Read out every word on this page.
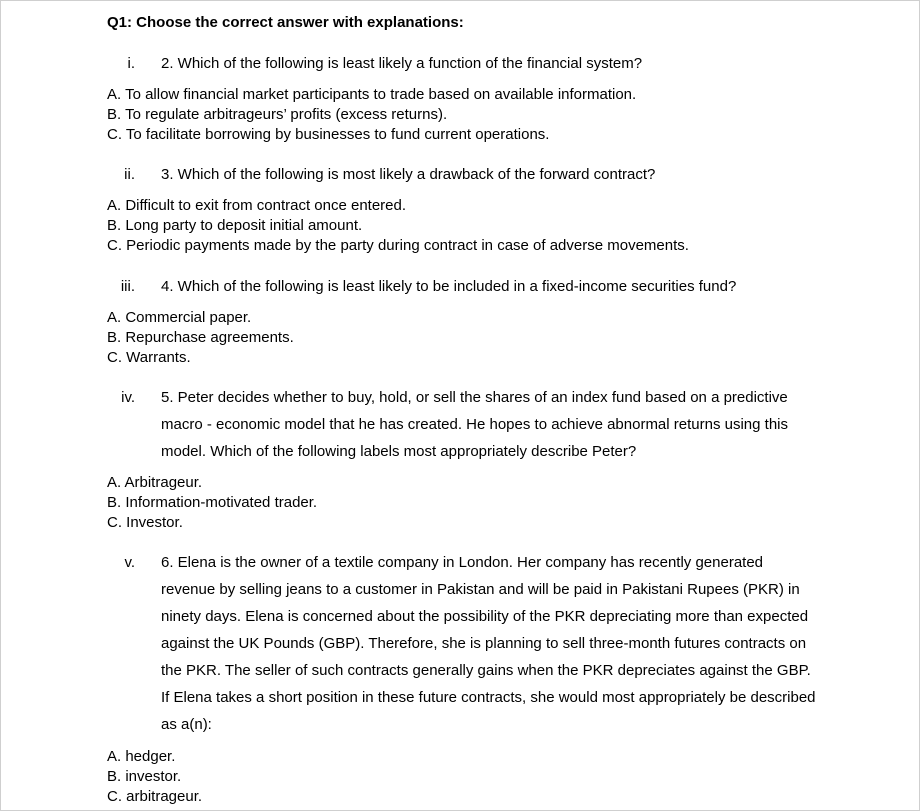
Q1: Choose the correct answer with explanations:
i. 2. Which of the following is least likely a function of the financial system?
A. To allow financial market participants to trade based on available information.
B. To regulate arbitrageurs’ profits (excess returns).
C. To facilitate borrowing by businesses to fund current operations.
ii. 3. Which of the following is most likely a drawback of the forward contract?
A. Difficult to exit from contract once entered.
B. Long party to deposit initial amount.
C. Periodic payments made by the party during contract in case of adverse movements.
iii. 4. Which of the following is least likely to be included in a fixed-income securities fund?
A. Commercial paper.
B. Repurchase agreements.
C. Warrants.
iv. 5. Peter decides whether to buy, hold, or sell the shares of an index fund based on a predictive macro - economic model that he has created. He hopes to achieve abnormal returns using this model. Which of the following labels most appropriately describe Peter?
A. Arbitrageur.
B. Information-motivated trader.
C. Investor.
v. 6. Elena is the owner of a textile company in London. Her company has recently generated revenue by selling jeans to a customer in Pakistan and will be paid in Pakistani Rupees (PKR) in ninety days. Elena is concerned about the possibility of the PKR depreciating more than expected against the UK Pounds (GBP). Therefore, she is planning to sell three-month futures contracts on the PKR. The seller of such contracts generally gains when the PKR depreciates against the GBP. If Elena takes a short position in these future contracts, she would most appropriately be described as a(n):
A. hedger.
B. investor.
C. arbitrageur.
